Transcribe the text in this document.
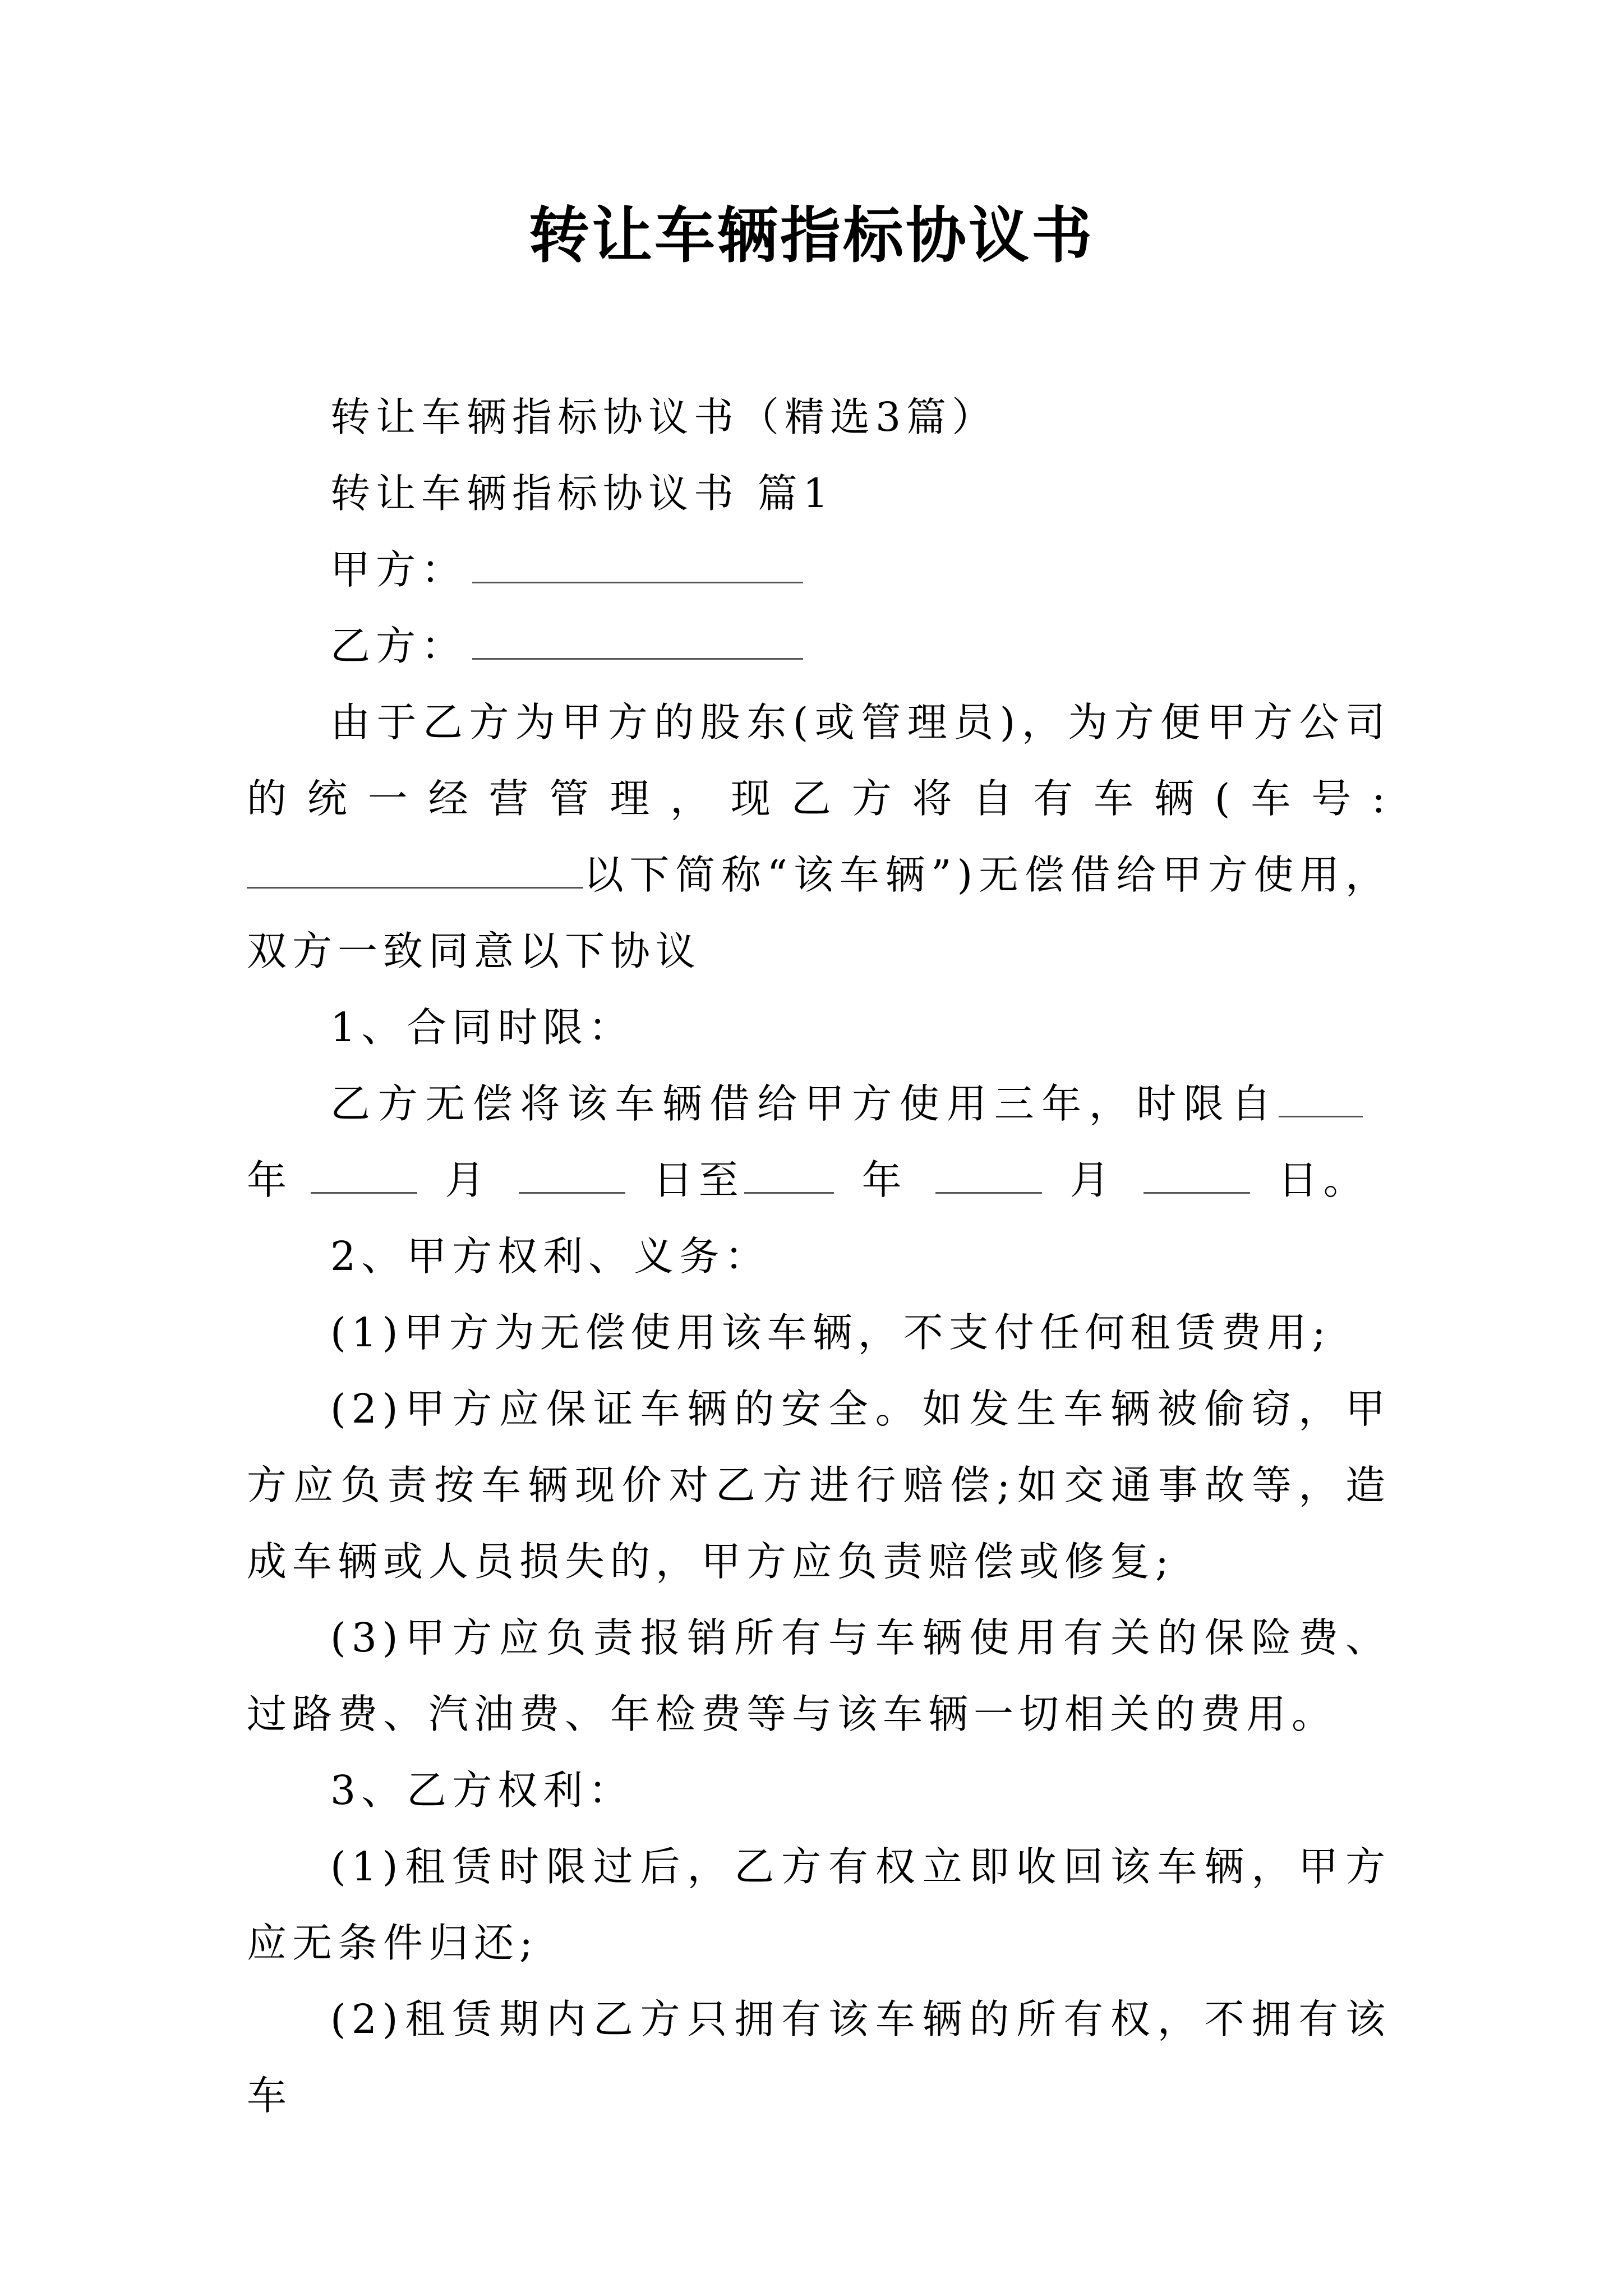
转让车辆指标协议书

转让车辆指标协议书（精选3篇）

转让车辆指标协议书 篇1

甲方：

乙方：

由于乙方为甲方的股东(或管理员)，为方便甲方公司的统一经营管理，现乙方将自有车辆(车号:以下简称“该车辆”)无偿借给甲方使用，双方一致同意以下协议

1、合同时限：

乙方无偿将该车辆借给甲方使用三年，时限自年	月	日至	年	月	日。

2、甲方权利、义务：

(1)甲方为无偿使用该车辆，不支付任何租赁费用;

(2)甲方应保证车辆的安全。如发生车辆被偷窃，甲方应负责按车辆现价对乙方进行赔偿;如交通事故等，造成车辆或人员损失的，甲方应负责赔偿或修复;

(3)甲方应负责报销所有与车辆使用有关的保险费、过路费、汽油费、年检费等与该车辆一切相关的费用。

3、乙方权利：

(1)租赁时限过后，乙方有权立即收回该车辆，甲方应无条件归还;

(2)租赁期内乙方只拥有该车辆的所有权，不拥有该车
